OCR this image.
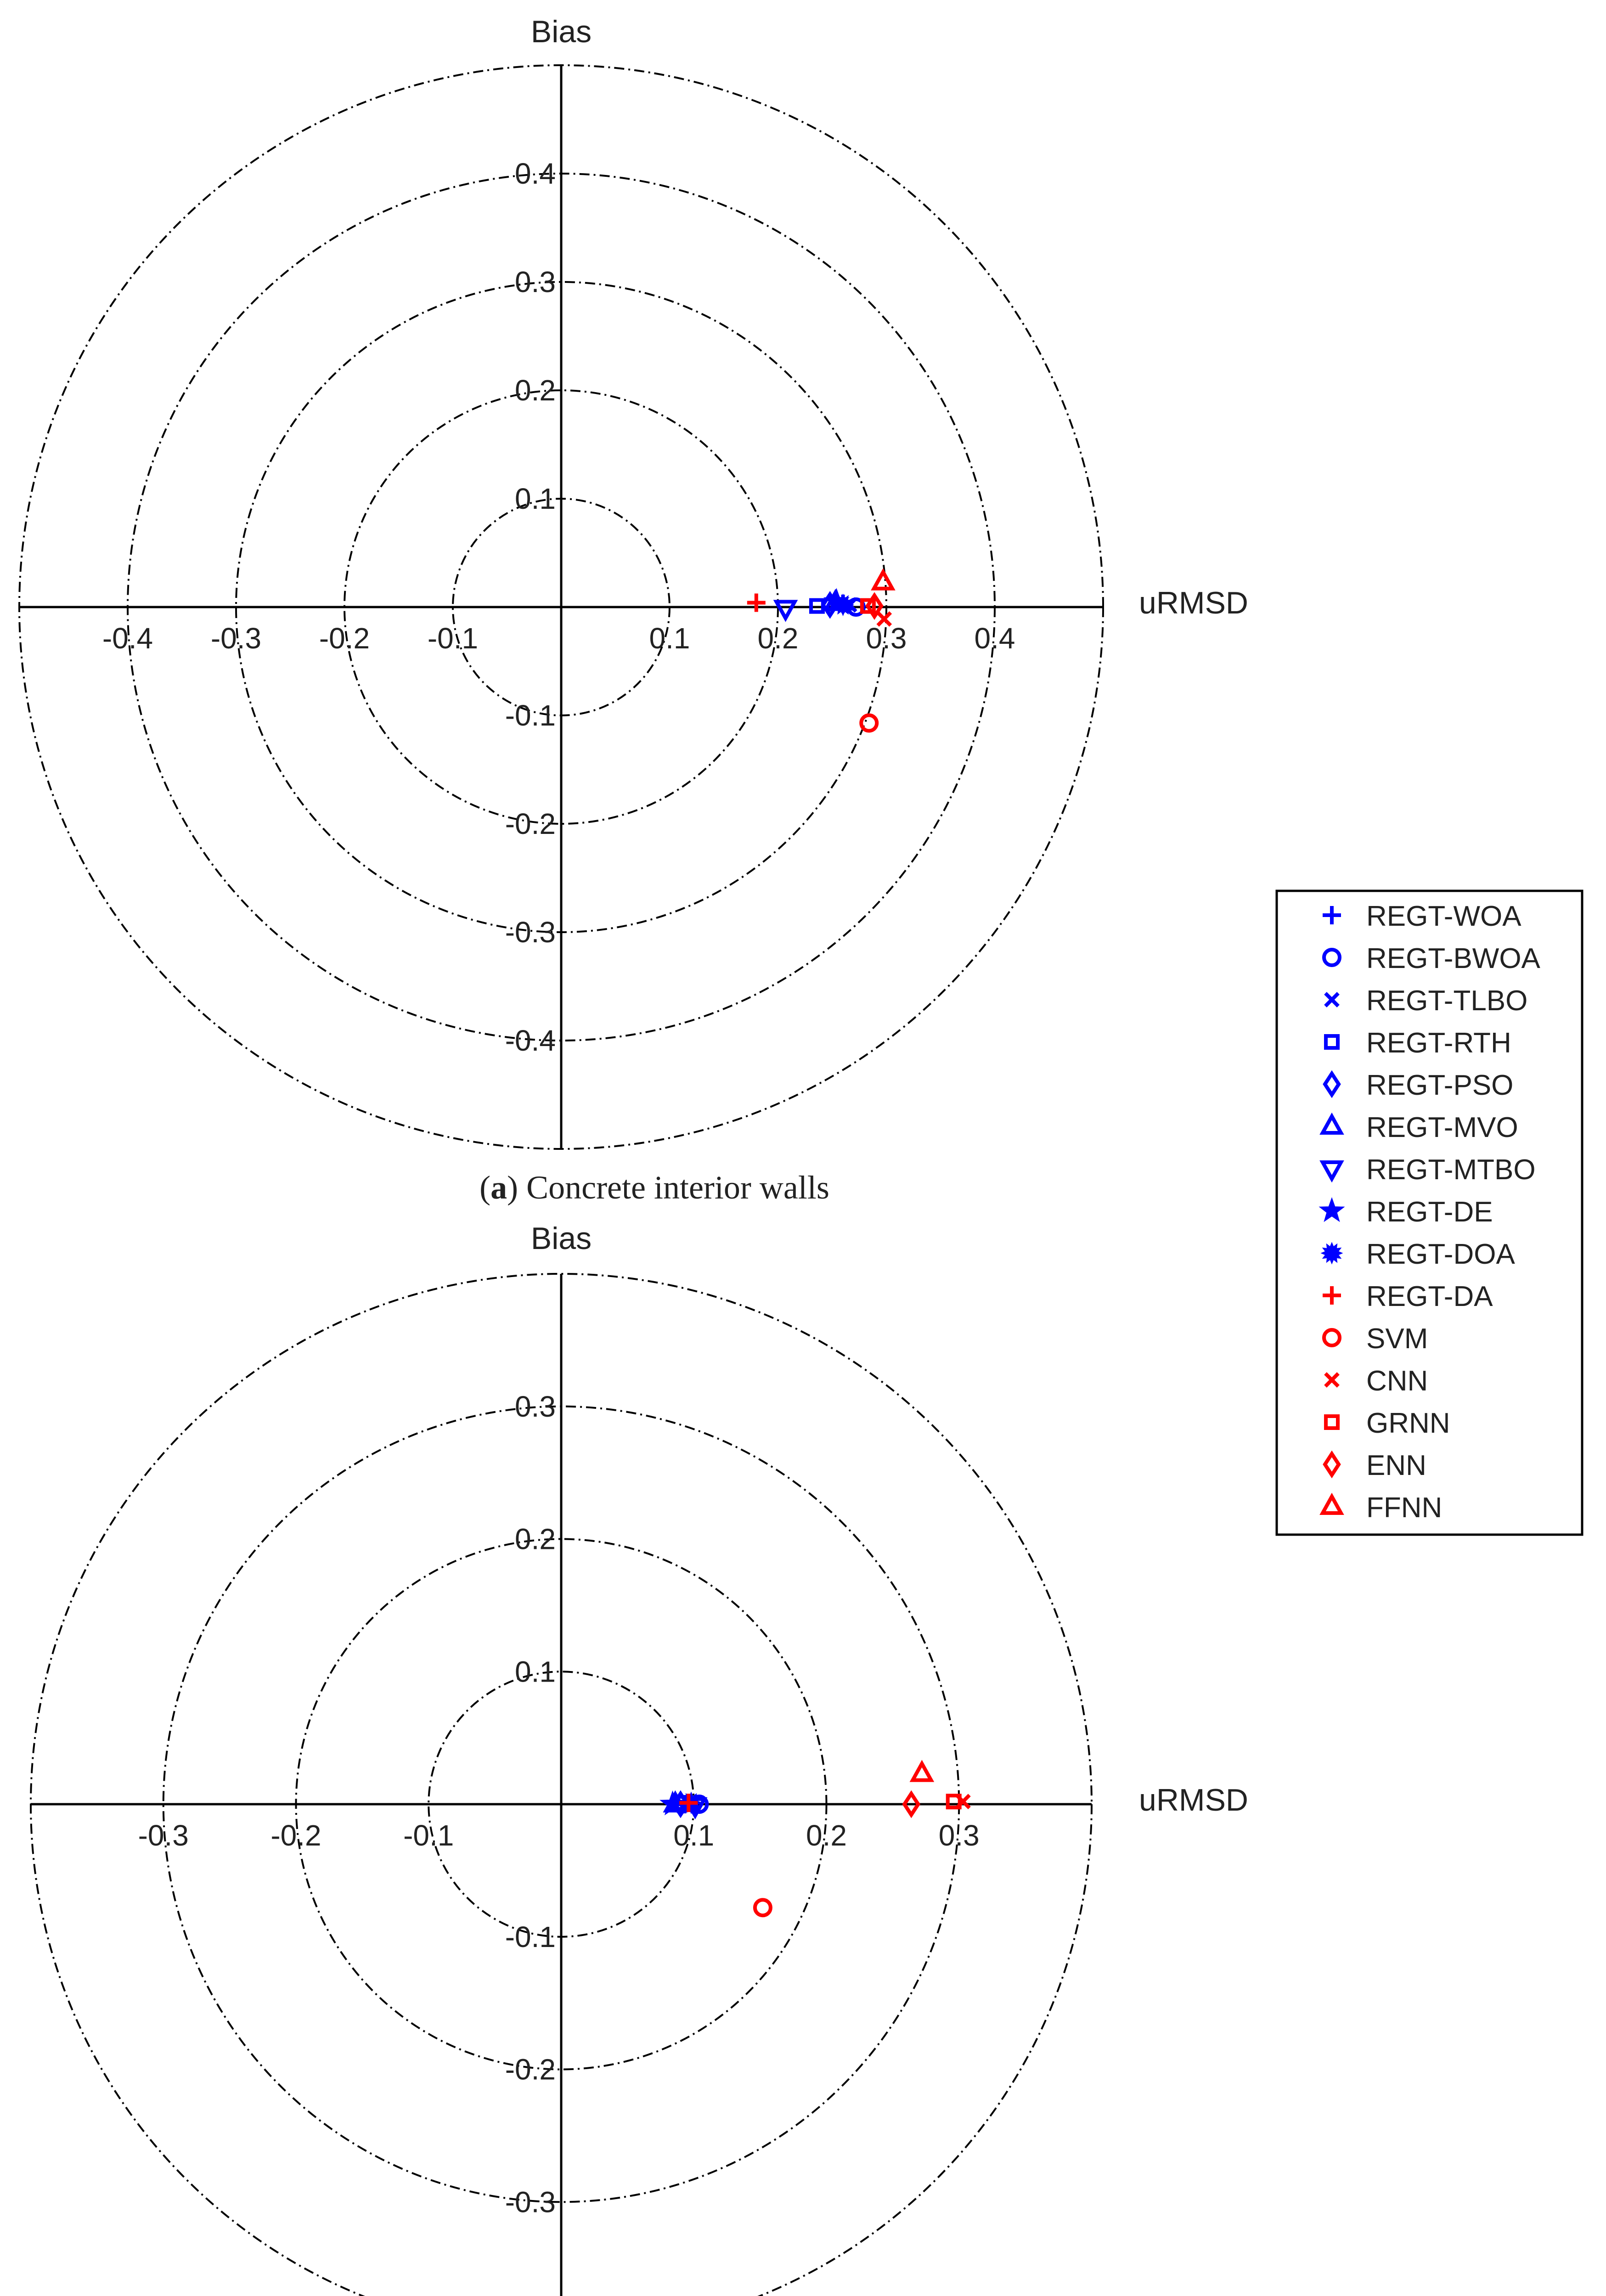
-0.4 -0.3 -0.2 -0.1	0.1 0.2 0.3 0.4
0.4
0.3
0.2
0.1
-0.1
-0.2
-0.3
-0.4
uRMSD
Bias
(a) Concrete interior walls
-0.3	-0.2	-0.1	0.1	0.2	0.3
0.3
0.2
0.1
-0.1
-0.2
-0.3
uRMSD
Bias
REGT-WOA
REGT-BWOA
REGT-TLBO
REGT-RTH
REGT-PSO
REGT-MVO
REGT-MTBO
REGT-DE
REGT-DOA
REGT-DA
SVM
CNN
GRNN
ENN
FFNN
